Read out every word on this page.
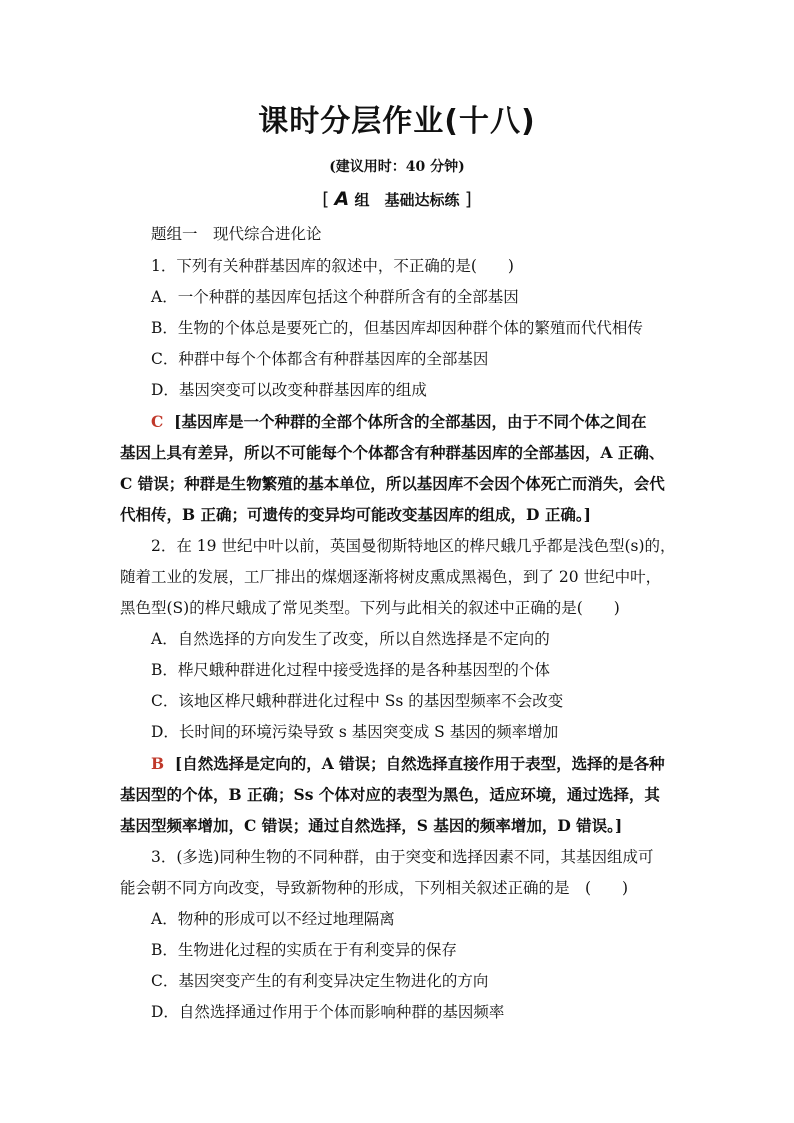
课时分层作业(十八)
(建议用时：40 分钟)
[ A 组　基础达标练 ]
题组一　现代综合进化论
1．下列有关种群基因库的叙述中，不正确的是(　　)
A．一个种群的基因库包括这个种群所含有的全部基因
B．生物的个体总是要死亡的，但基因库却因种群个体的繁殖而代代相传
C．种群中每个个体都含有种群基因库的全部基因
D．基因突变可以改变种群基因库的组成
C [基因库是一个种群的全部个体所含的全部基因，由于不同个体之间在
基因上具有差异，所以不可能每个个体都含有种群基因库的全部基因，A 正确、
C 错误；种群是生物繁殖的基本单位，所以基因库不会因个体死亡而消失，会代
代相传，B 正确；可遗传的变异均可能改变基因库的组成，D 正确。]
2．在 19 世纪中叶以前，英国曼彻斯特地区的桦尺蛾几乎都是浅色型(s)的，
随着工业的发展，工厂排出的煤烟逐渐将树皮熏成黑褐色，到了 20 世纪中叶，
黑色型(S)的桦尺蛾成了常见类型。下列与此相关的叙述中正确的是(　　)
A．自然选择的方向发生了改变，所以自然选择是不定向的
B．桦尺蛾种群进化过程中接受选择的是各种基因型的个体
C．该地区桦尺蛾种群进化过程中 Ss 的基因型频率不会改变
D．长时间的环境污染导致 s 基因突变成 S 基因的频率增加
B [自然选择是定向的，A 错误；自然选择直接作用于表型，选择的是各种
基因型的个体，B 正确；Ss 个体对应的表型为黑色，适应环境，通过选择，其
基因型频率增加，C 错误；通过自然选择，S 基因的频率增加，D 错误。]
3．(多选)同种生物的不同种群，由于突变和选择因素不同，其基因组成可
能会朝不同方向改变，导致新物种的形成，下列相关叙述正确的是　(　　)
A．物种的形成可以不经过地理隔离
B．生物进化过程的实质在于有利变异的保存
C．基因突变产生的有利变异决定生物进化的方向
D．自然选择通过作用于个体而影响种群的基因频率
